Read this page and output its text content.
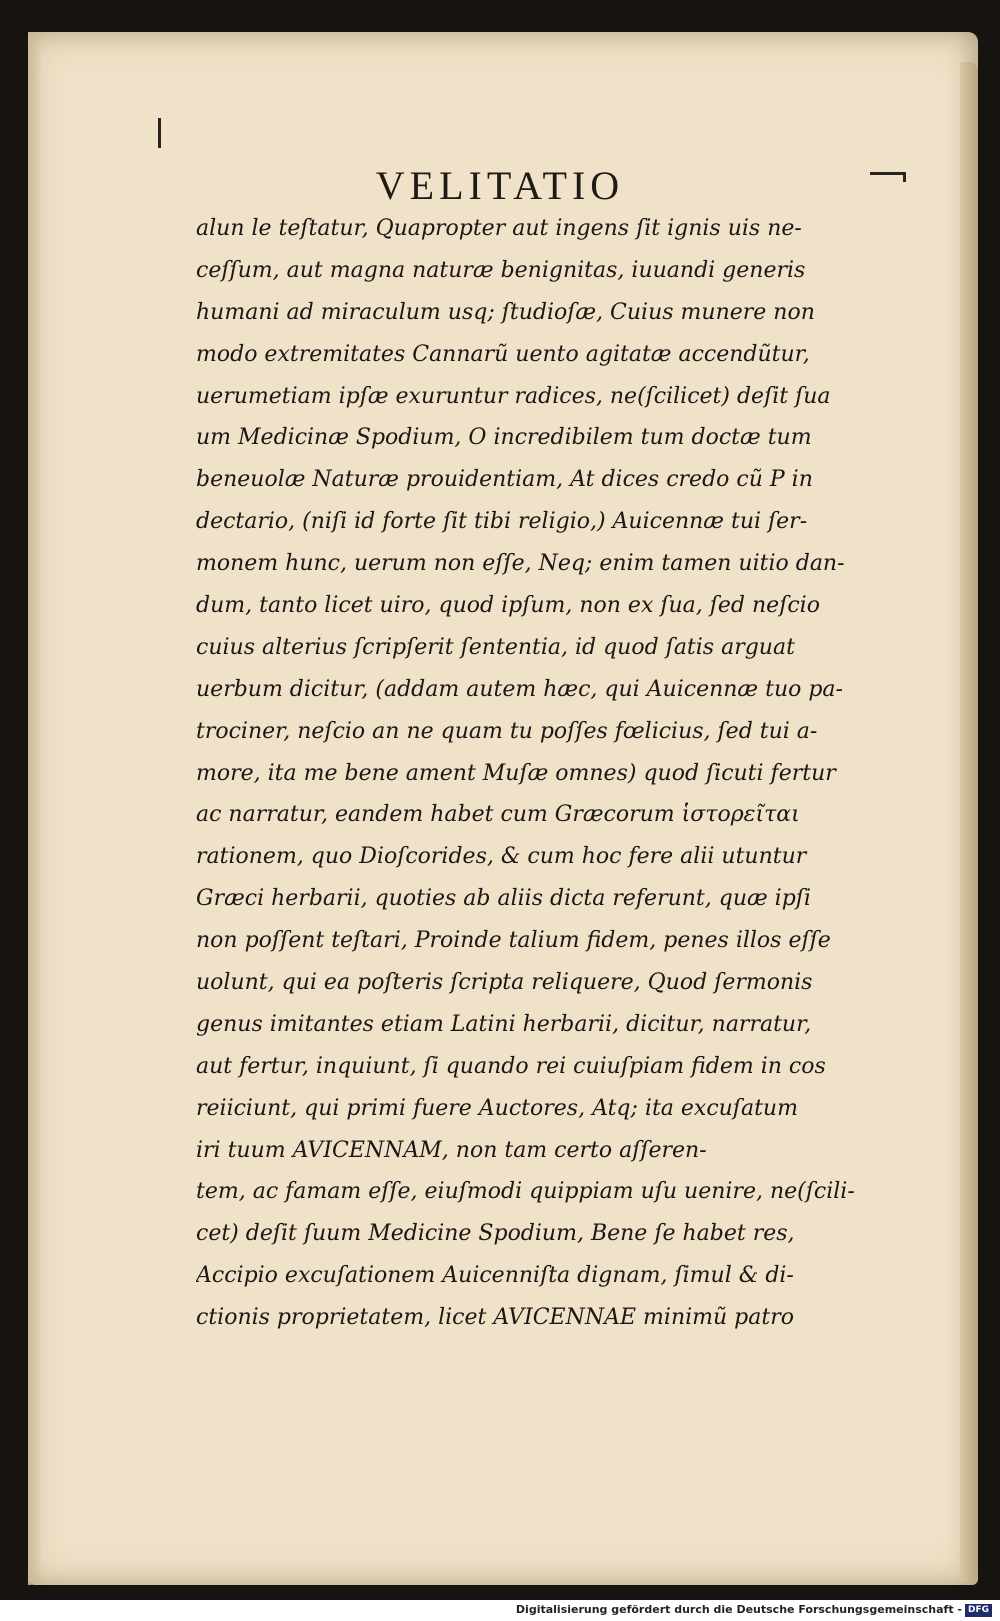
VELITATIO
alun le teſtatur, Quapropter aut ingens ſit ignis uis ne-
ceſſum, aut magna naturæ benignitas, iuuandi generis
humani ad miraculum usq; ſtudioſæ, Cuius munere non
modo extremitates Cannarũ uento agitatæ accendũtur,
uerumetiam ipſæ exuruntur radices, ne(ſcilicet) deſit ſua
um Medicinæ Spodium, O incredibilem tum doctæ tum
beneuolæ Naturæ prouidentiam, At dices credo cũ P in
dectario, (niſi id forte ſit tibi religio,) Auicennæ tui ſer-
monem hunc, uerum non eſſe, Neq; enim tamen uitio dan-
dum, tanto licet uiro, quod ipſum, non ex ſua, ſed neſcio
cuius alterius ſcripſerit ſententia, id quod ſatis arguat
uerbum dicitur, (addam autem hæc, qui Auicennæ tuo pa-
trociner, neſcio an ne quam tu poſſes fœlicius, ſed tui a-
more, ita me bene ament Muſæ omnes) quod ſicuti fertur
ac narratur, eandem habet cum Græcorum ἱστορεῖται
rationem, quo Dioſcorides, & cum hoc fere alii utuntur
Græci herbarii, quoties ab aliis dicta referunt, quæ ipſi
non poſſent teſtari, Proinde talium fidem, penes illos eſſe
uolunt, qui ea poſteris ſcripta reliquere, Quod ſermonis
genus imitantes etiam Latini herbarii, dicitur, narratur,
aut fertur, inquiunt, ſi quando rei cuiuſpiam fidem in cos
reiiciunt, qui primi fuere Auctores, Atq; ita excuſatum
iri tuum AVICENNAM, non tam certo aſſeren-
tem, ac famam eſſe, eiuſmodi quippiam uſu uenire, ne(ſcili-
cet) deſit ſuum Medicine Spodium, Bene ſe habet res,
Accipio excuſationem Auicenniſta dignam, ſimul & di-
ctionis proprietatem, licet AVICENNAE minimũ patro
Digitalisierung gefördert durch die Deutsche Forschungsgemeinschaft - DFG
